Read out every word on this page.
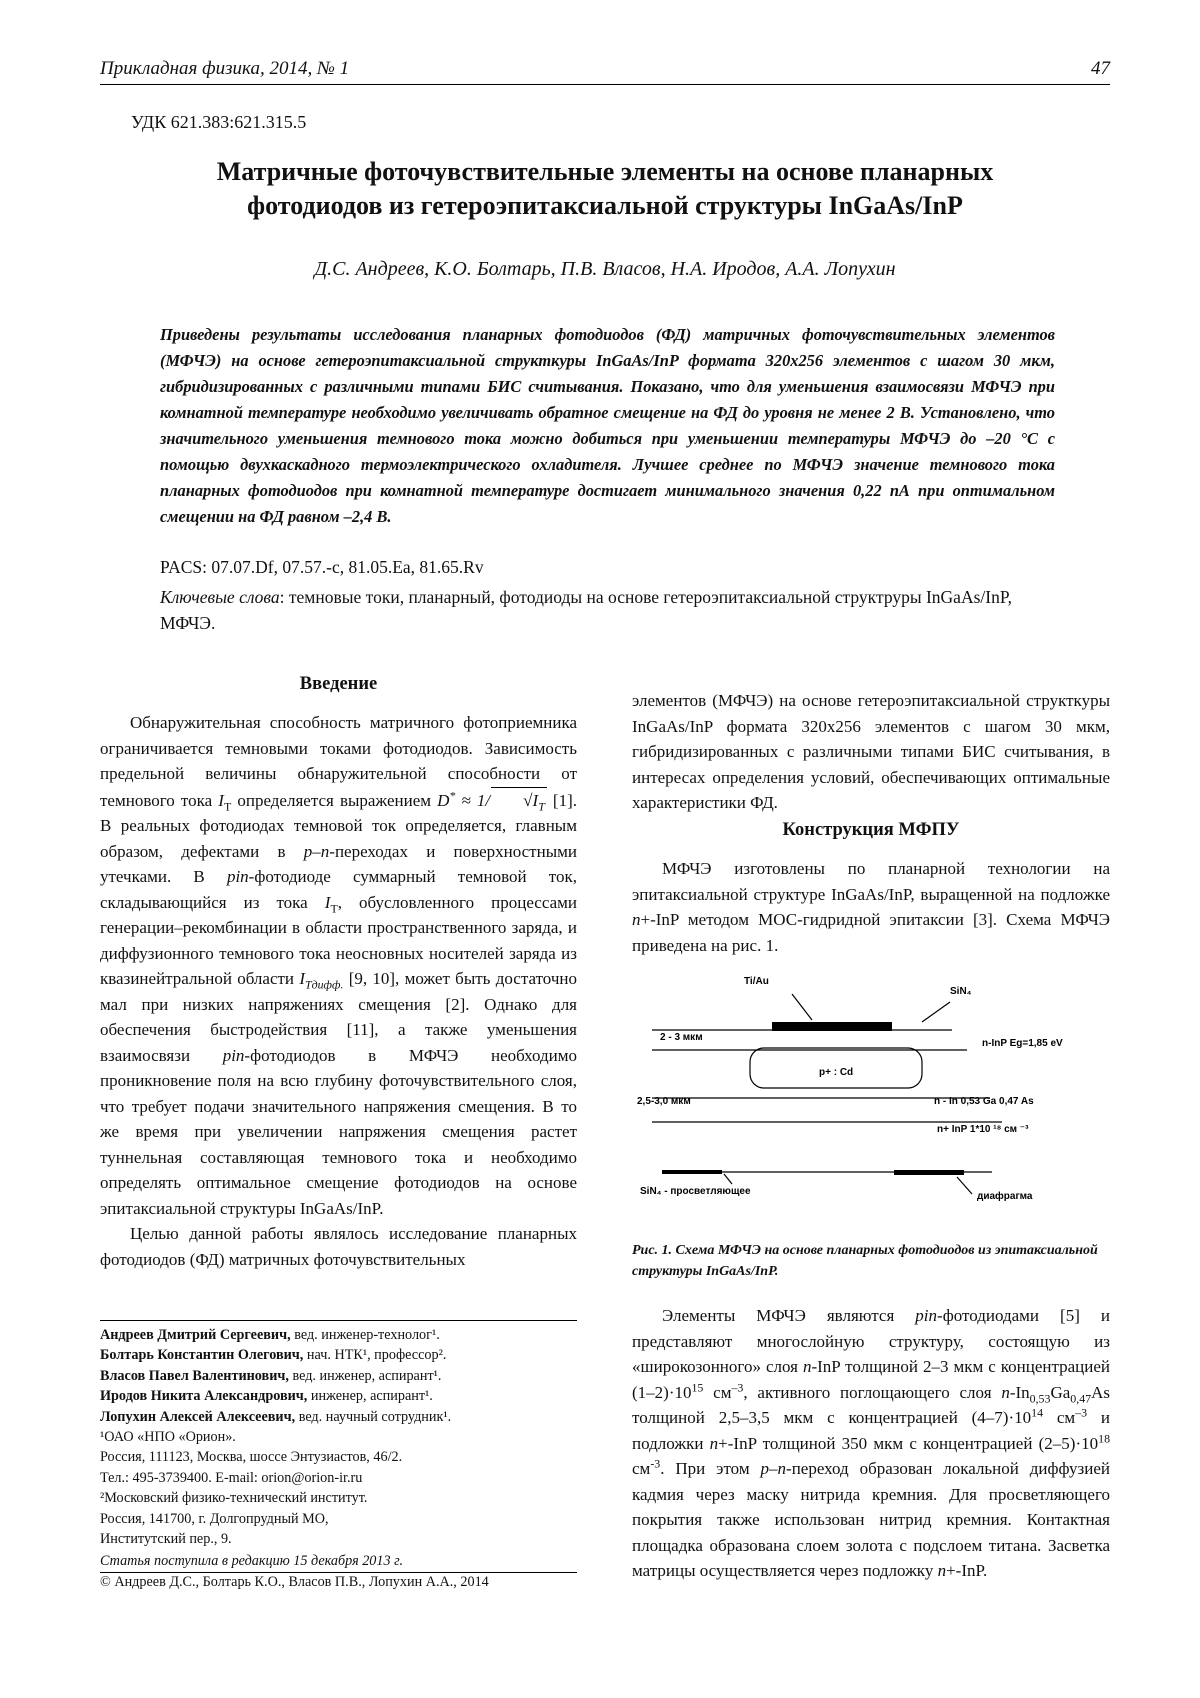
Прикладная физика, 2014, № 1	47
УДК 621.383:621.315.5
Матричные фоточувствительные элементы на основе планарных
фотодиодов из гетероэпитаксиальной структуры InGaAs/InP
Д.С. Андреев, К.О. Болтарь, П.В. Власов, Н.А. Иродов, А.А. Лопухин
Приведены результаты исследования планарных фотодиодов (ФД) матричных фоточувствительных элементов (МФЧЭ) на основе гетероэпитаксиальной структкуры InGaAs/InP формата 320х256 элементов с шагом 30 мкм, гибридизированных с различными типами БИС считывания. Показано, что для уменьшения взаимосвязи МФЧЭ при комнатной температуре необходимо увеличивать обратное смещение на ФД до уровня не менее 2 В. Установлено, что значительного уменьшения темнового тока можно добиться при уменьшении температуры МФЧЭ до –20 °С с помощью двухкаскадного термоэлектрического охладителя. Лучшее среднее по МФЧЭ значение темнового тока планарных фотодиодов при комнатной температуре достигает минимального значения 0,22 пА при оптимальном смещении на ФД равном –2,4 В.
PACS: 07.07.Df, 07.57.-c, 81.05.Ea, 81.65.Rv
Ключевые слова: темновые токи, планарный, фотодиоды на основе гетероэпитаксиальной структруры InGaAs/InP, МФЧЭ.
Введение

Обнаружительная способность матричного фотоприемника ограничивается темновыми токами фотодиодов. Зависимость предельной величины обнаружительной способности от темнового тока $I_T$ определяется выражением D* ≈ 1/ $√I_T$ [1]. В реальных фотодиодах темновой ток определяется, главным образом, дефектами в p–n-переходах и поверхностными утечками. В pin-фотодиоде суммарный темновой ток, складывающийся из тока $I_T$, обусловленного процессами генерации–рекомбинации в области пространственного заряда, и диффузионного темнового тока неосновных носителей заряда из квазинейтральной области $I_{Tдифф.}$ [9, 10], может быть достаточно мал при низких напряжениях смещения [2]. Однако для обеспечения быстродействия [11], а также уменьшения взаимосвязи pin-фотодиодов в МФЧЭ необходимо проникновение поля на всю глубину фоточувствительного слоя, что требует подачи значительного напряжения смещения. В то же время при увеличении напряжения смещения растет туннельная составляющая темнового тока и необходимо определять оптимальное смещение фотодиодов на основе эпитаксиальной структуры InGaAs/InP.

Целью данной работы являлось исследование планарных фотодиодов (ФД) матричных фоточувствительных

Андреев Дмитрий Сергеевич, вед. инженер-технолог¹.
Болтарь Константин Олегович, нач. НТК¹, профессор².
Власов Павел Валентинович, вед. инженер, аспирант¹.
Иродов Никита Александрович, инженер, аспирант¹.
Лопухин Алексей Алексеевич, вед. научный сотрудник¹.
¹ОАО «НПО «Орион».
Россия, 111123, Москва, шоссе Энтузиастов, 46/2.
Тел.: 495-3739400. E-mail: orion@orion-ir.ru
²Московский физико-технический институт.
Россия, 141700, г. Долгопрудный МО,
Институтский пер., 9.
Статья поступила в редакцию 15 декабря 2013 г.
© Андреев Д.С., Болтарь К.О., Власов П.В., Лопухин А.А., 2014
элементов (МФЧЭ) на основе гетероэпитаксиальной структкуры InGaAs/InP формата 320х256 элементов с шагом 30 мкм, гибридизированных с различными типами БИС считывания, в интересах определения условий, обеспечивающих оптимальные характеристики ФД.
Конструкция МФПУ

МФЧЭ изготовлены по планарной технологии на эпитаксиальной структуре InGaAs/InP, выращенной на подложке n+-InP методом МОС-гидридной эпитаксии [3]. Схема МФЧЭ приведена на рис. 1.

Ti/Au
SiN₄
2 - 3 мкм
n-InP Eg=1,85 eV
p+ : Cd
2,5-3,0 мкм	n - In 0,53 Ga 0,47 As
n+ InP 1*10 ¹⁸ см ⁻³
SiN₄ - просветляющее	диафрагма
Рис. 1. Схема МФЧЭ на основе планарных фотодиодов из эпитаксиальной структуры InGaAs/InP.

Элементы МФЧЭ являются pin-фотодиодами [5] и представляют многослойную структуру, состоящую из «широкозонного» слоя n-InP толщиной 2–3 мкм с концентрацией $(1-2)\cdot 10^{15}$ $см^{-3}$, активного поглощающего слоя $n-In_{0,53}Ga_{0,47}As$ толщиной 2,5–3,5 мкм с концентрацией $(4-7)\cdot 10^{14}$ $см^{-3}$ и подложки n+-InP толщиной 350 мкм с концентрацией $(2-5)\cdot 10^{18}$ $см^{-3}$. При этом p–n-переход образован локальной диффузией кадмия через маску нитрида кремния. Для просветляющего покрытия также использован нитрид кремния. Контактная площадка образована слоем золота с подслоем титана. Засветка матрицы осуществляется через подложку n+-InP.
